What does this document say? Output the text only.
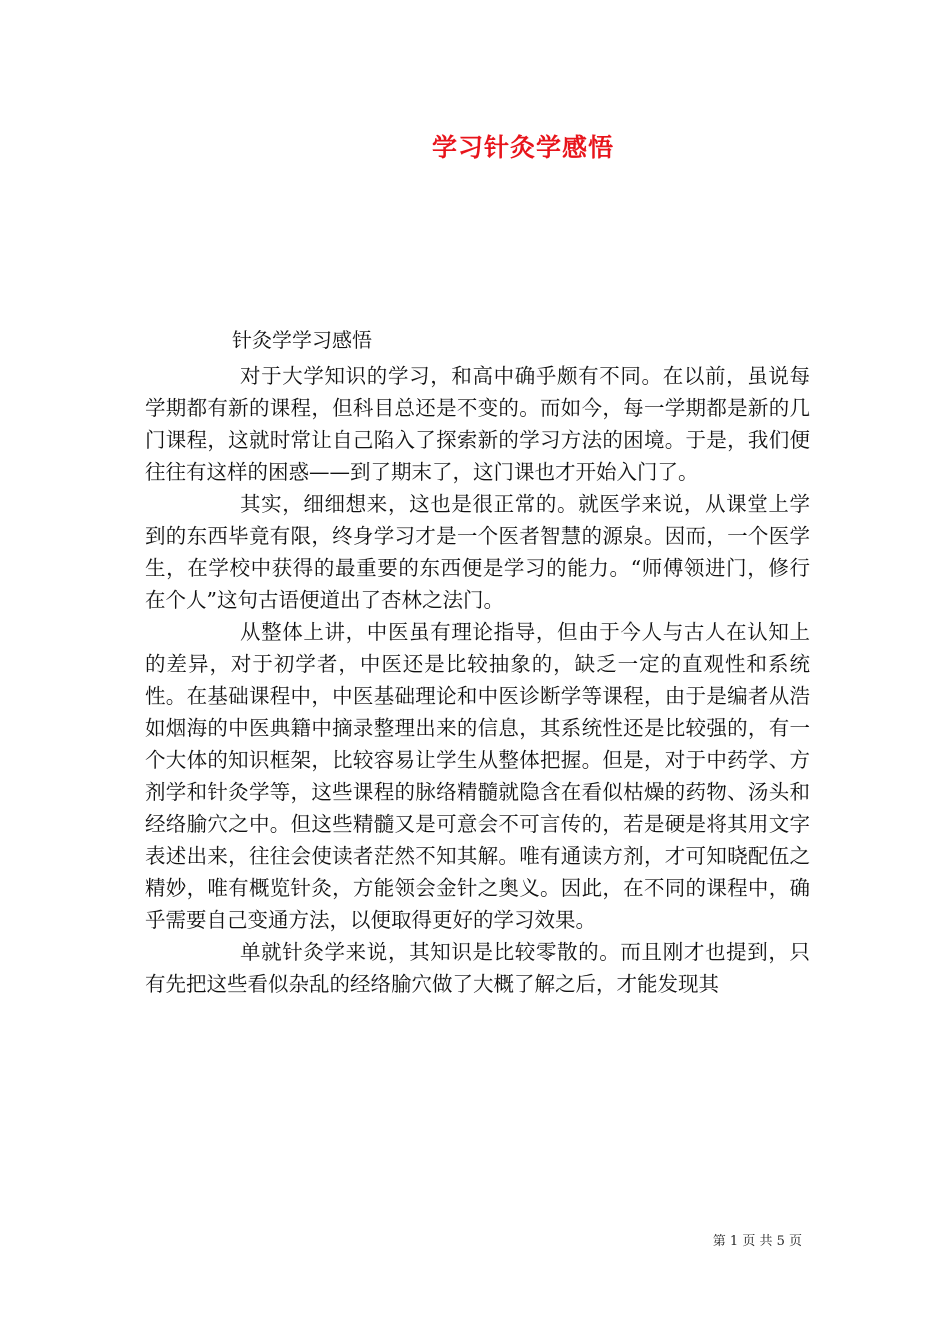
学习针灸学感悟
针灸学学习感悟

对于大学知识的学习，和高中确乎颇有不同。在以前，虽说每学期都有新的课程，但科目总还是不变的。而如今，每一学期都是新的几门课程，这就时常让自己陷入了探索新的学习方法的困境。于是，我们便往往有这样的困惑——到了期末了，这门课也才开始入门了。

其实，细细想来，这也是很正常的。就医学来说，从课堂上学到的东西毕竟有限，终身学习才是一个医者智慧的源泉。因而，一个医学生，在学校中获得的最重要的东西便是学习的能力。“师傅领进门，修行在个人”这句古语便道出了杏林之法门。

从整体上讲，中医虽有理论指导，但由于今人与古人在认知上的差异，对于初学者，中医还是比较抽象的，缺乏一定的直观性和系统性。在基础课程中，中医基础理论和中医诊断学等课程，由于是编者从浩如烟海的中医典籍中摘录整理出来的信息，其系统性还是比较强的，有一个大体的知识框架，比较容易让学生从整体把握。但是，对于中药学、方剂学和针灸学等，这些课程的脉络精髓就隐含在看似枯燥的药物、汤头和经络腧穴之中。但这些精髓又是可意会不可言传的，若是硬是将其用文字表述出来，往往会使读者茫然不知其解。唯有通读方剂，才可知晓配伍之精妙，唯有概览针灸，方能领会金针之奥义。因此，在不同的课程中，确乎需要自己变通方法，以便取得更好的学习效果。

单就针灸学来说，其知识是比较零散的。而且刚才也提到，只有先把这些看似杂乱的经络腧穴做了大概了解之后，才能发现其

第 1 页 共 5 页
